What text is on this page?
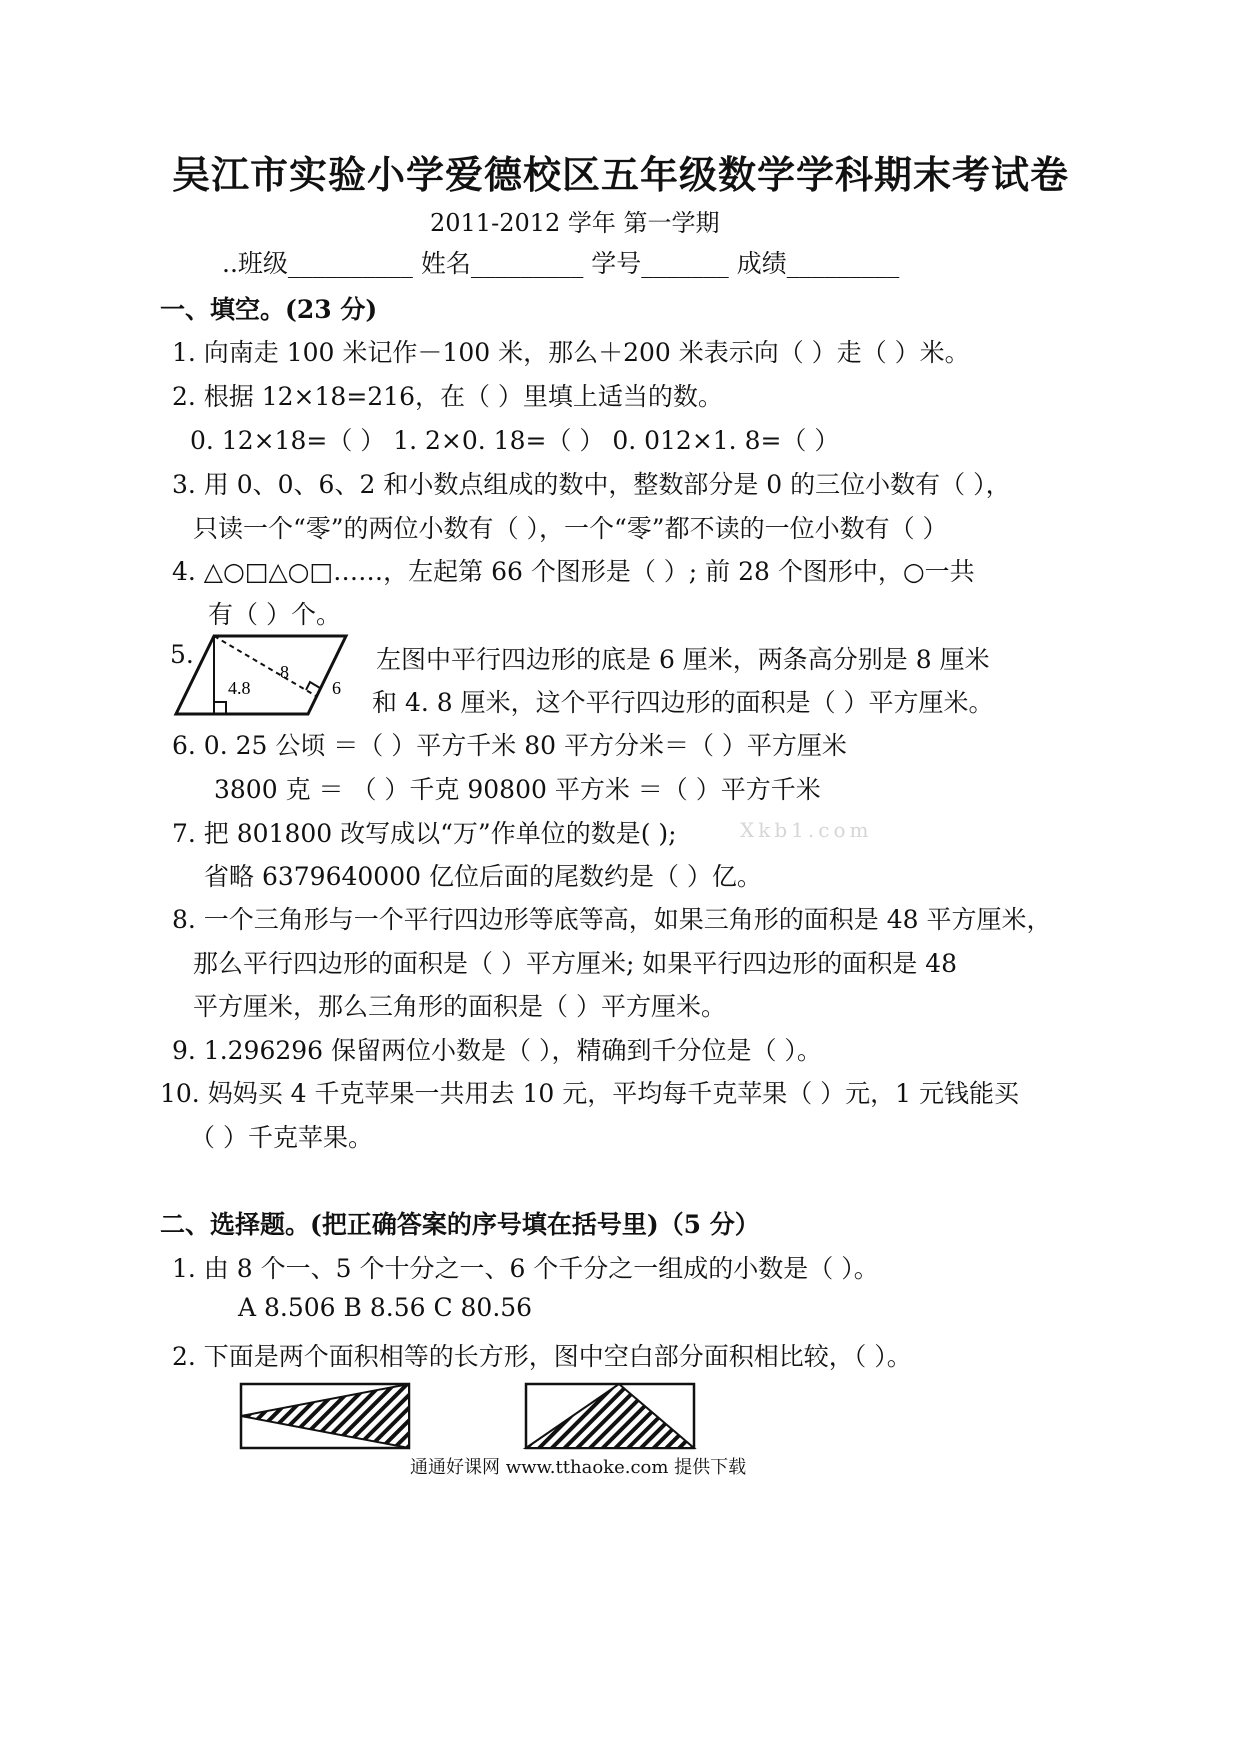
吴江市实验小学爱德校区五年级数学学科期末考试卷
2011-2012 学年 第一学期
..班级__________ 姓名_________ 学号_______ 成绩_________
一、填空。(23 分)
1. 向南走 100 米记作－100 米，那么＋200 米表示向（ ）走（ ）米。
2. 根据 12×18=216，在（ ）里填上适当的数。
0. 12×18=（ ） 1. 2×0. 18=（ ） 0. 012×1. 8=（ ）
3. 用 0、0、6、2 和小数点组成的数中，整数部分是 0 的三位小数有（ ），
只读一个“零”的两位小数有（ ），一个“零”都不读的一位小数有（ ）
4. △○□△○□……，左起第 66 个图形是（ ）; 前 28 个图形中，○一共
有（ ）个。
5.
4.8
8
6
左图中平行四边形的底是 6 厘米，两条高分别是 8 厘米
和 4. 8 厘米，这个平行四边形的面积是（ ）平方厘米。
6. 0. 25 公顷 ＝（ ）平方千米 80 平方分米＝（ ）平方厘米
3800 克 ＝ （ ）千克 90800 平方米 ＝（ ）平方千米
7. 把 801800 改写成以“万”作单位的数是( );	Xkb1.com
省略 6379640000 亿位后面的尾数约是（ ）亿。
8. 一个三角形与一个平行四边形等底等高，如果三角形的面积是 48 平方厘米，
那么平行四边形的面积是（ ）平方厘米; 如果平行四边形的面积是 48
平方厘米，那么三角形的面积是（ ）平方厘米。
9. 1.296296 保留两位小数是（ ），精确到千分位是（ ）。
10. 妈妈买 4 千克苹果一共用去 10 元，平均每千克苹果（ ）元，1 元钱能买
（ ）千克苹果。
二、选择题。(把正确答案的序号填在括号里)（5 分）
1. 由 8 个一、5 个十分之一、6 个千分之一组成的小数是（ ）。
A 8.506 B 8.56 C 80.56
2. 下面是两个面积相等的长方形，图中空白部分面积相比较，（ ）。
通通好课网 www.tthaoke.com 提供下载
